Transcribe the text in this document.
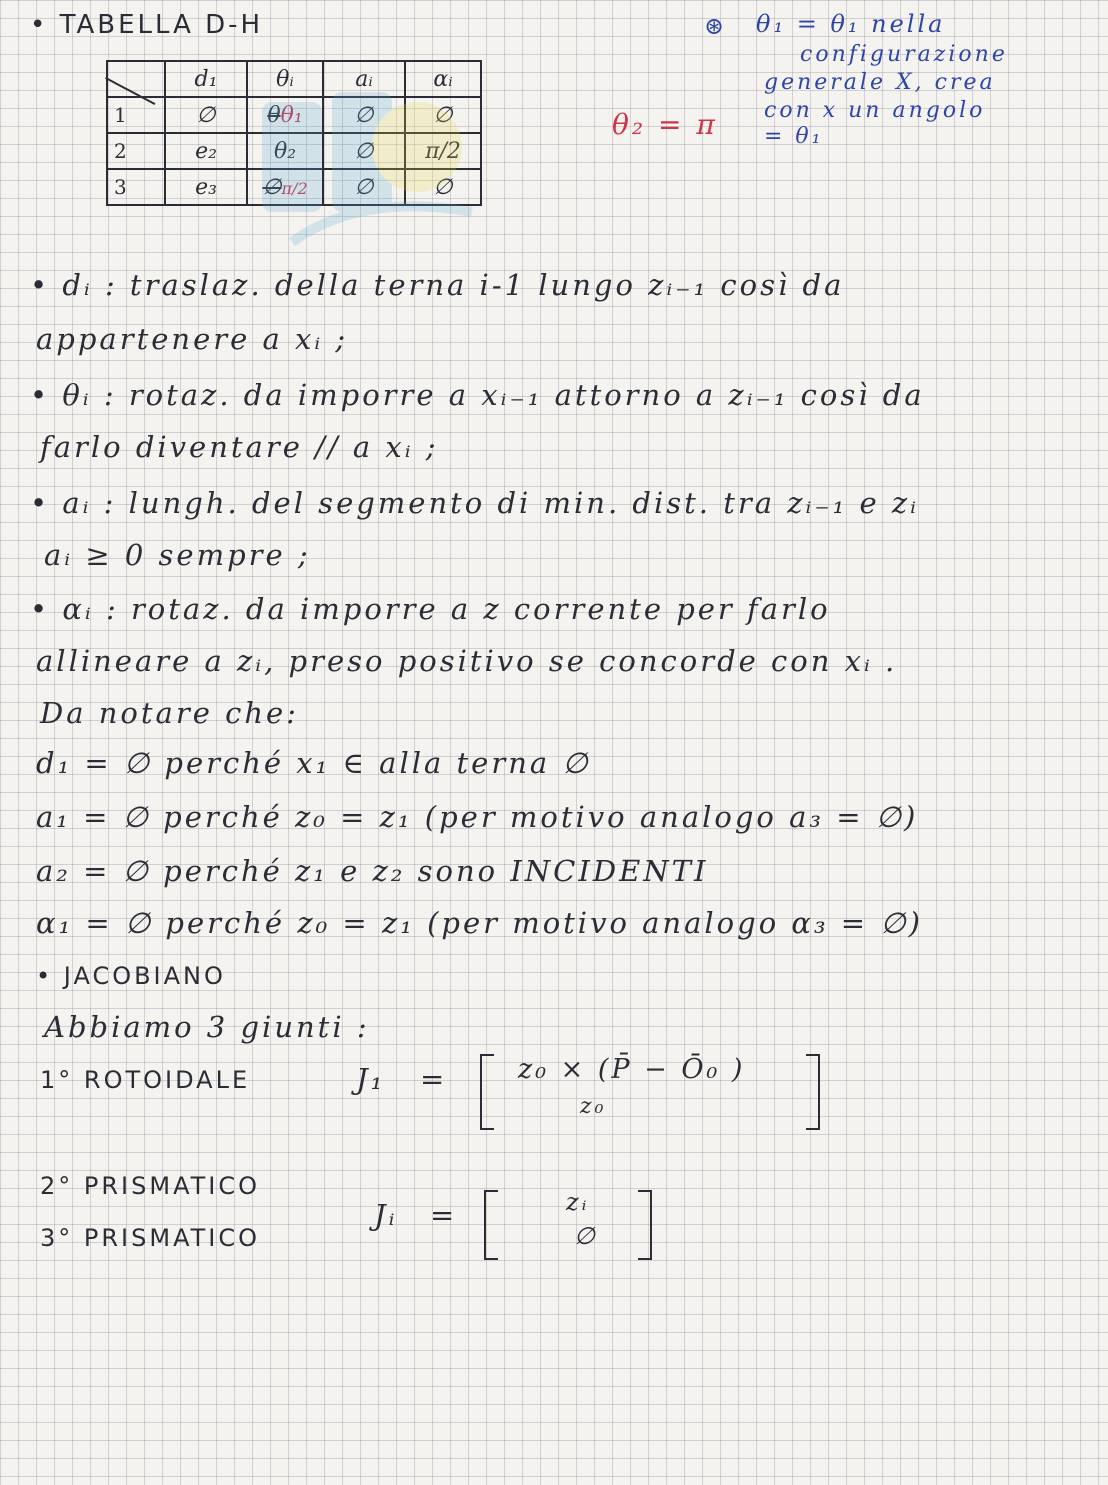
• TABELLA D-H
	d₁	θᵢ	aᵢ	αᵢ
1	∅	θθ₁	∅	∅
2	e₂	θ₂	∅	π/2
3	e₃	∅π/2	∅	∅
θ₂ = π
⊛ θ₁ = θ₁ nella
configurazione
generale X, crea
con x un angolo
= θ₁
• dᵢ : traslaz. della terna i-1 lungo zᵢ₋₁ così da
appartenere a xᵢ ;
• θᵢ : rotaz. da imporre a xᵢ₋₁ attorno a zᵢ₋₁ così da
farlo diventare // a xᵢ ;
• aᵢ : lungh. del segmento di min. dist. tra zᵢ₋₁ e zᵢ
aᵢ ≥ 0 sempre ;
• αᵢ : rotaz. da imporre a z corrente per farlo
allineare a zᵢ, preso positivo se concorde con xᵢ .
Da notare che:
d₁ = ∅ perché x₁ ∈ alla terna ∅
a₁ = ∅ perché z₀ = z₁ (per motivo analogo a₃ = ∅)
a₂ = ∅ perché z₁ e z₂ sono INCIDENTI
α₁ = ∅ perché z₀ = z₁ (per motivo analogo α₃ = ∅)
• JACOBIANO
Abbiamo 3 giunti :
1° ROTOIDALE	J₁ =	z₀ × (P̄ − Ō₀ )
z₀
2° PRISMATICO
3° PRISMATICO
Jᵢ =	zᵢ
∅
